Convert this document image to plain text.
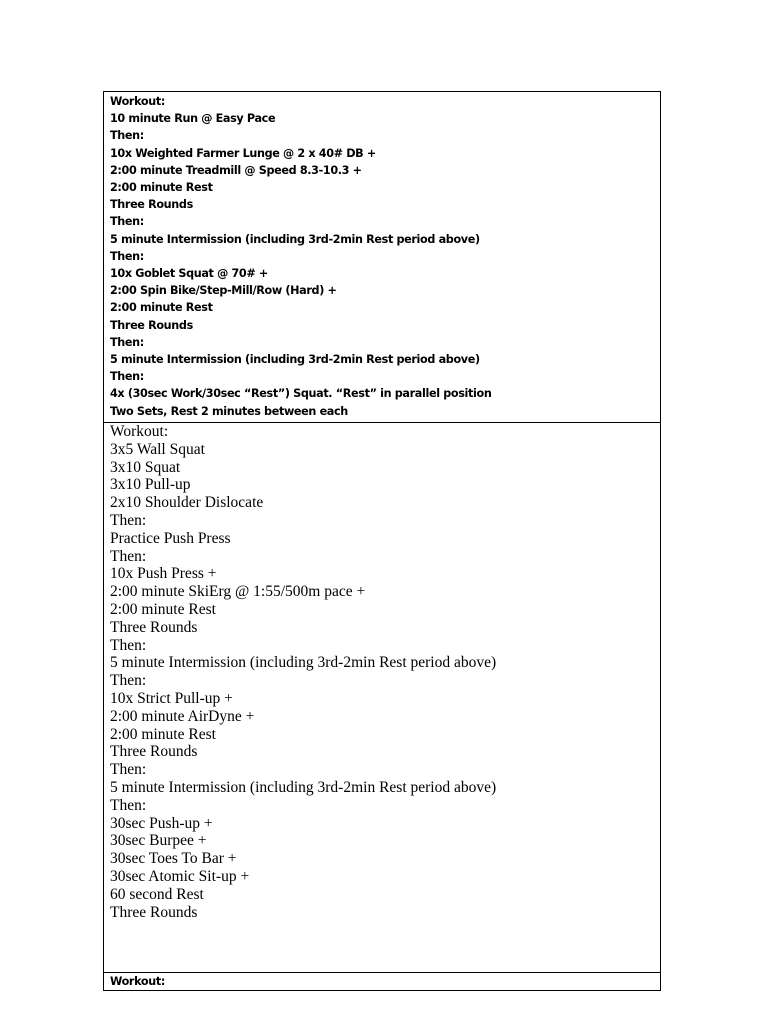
Workout:
10 minute Run @ Easy Pace
Then:
10x Weighted Farmer Lunge @ 2 x 40# DB +
2:00 minute Treadmill @ Speed 8.3-10.3 +
2:00 minute Rest
Three Rounds
Then:
5 minute Intermission (including 3rd-2min Rest period above)
Then:
10x Goblet Squat @ 70# +
2:00 Spin Bike/Step-Mill/Row (Hard) +
2:00 minute Rest
Three Rounds
Then:
5 minute Intermission (including 3rd-2min Rest period above)
Then:
4x (30sec Work/30sec “Rest”) Squat. “Rest” in parallel position
Two Sets, Rest 2 minutes between each

Workout:
3x5 Wall Squat
3x10 Squat
3x10 Pull-up
2x10 Shoulder Dislocate
Then:
Practice Push Press
Then:
10x Push Press +
2:00 minute SkiErg @ 1:55/500m pace +
2:00 minute Rest
Three Rounds
Then:
5 minute Intermission (including 3rd-2min Rest period above)
Then:
10x Strict Pull-up +
2:00 minute AirDyne +
2:00 minute Rest
Three Rounds
Then:
5 minute Intermission (including 3rd-2min Rest period above)
Then:
30sec Push-up +
30sec Burpee +
30sec Toes To Bar +
30sec Atomic Sit-up +
60 second Rest
Three Rounds

Workout:
